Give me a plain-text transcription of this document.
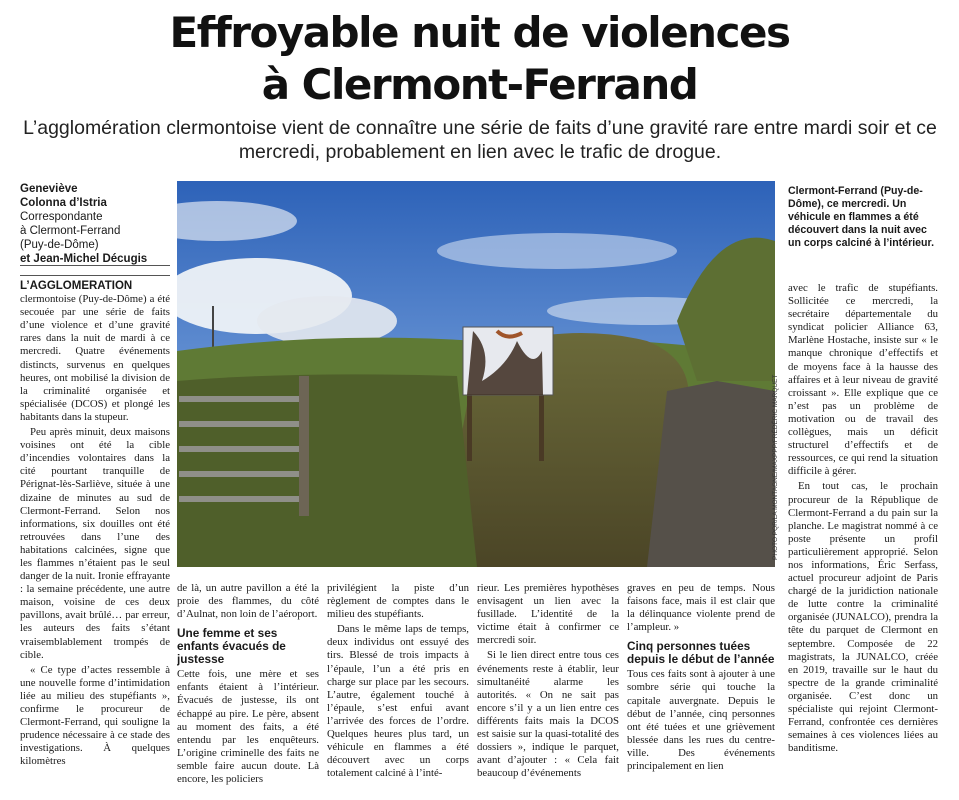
Effroyable nuit de violences
à Clermont-Ferrand

L’agglomération clermontoise vient de connaître une série de faits d’une gravité rare entre mardi soir et ce mercredi, probablement en lien avec le trafic de drogue.

Geneviève
Colonna d’Istria
Correspondante
à Clermont-Ferrand
(Puy-de-Dôme)
et Jean-Michel Décugis
PHOTO PQR/LA MONTAGNE/MAXPPP/FRÉDÉRIC MARQUET
Clermont-Ferrand (Puy-de-Dôme), ce mercredi. Un véhicule en flammes a été découvert dans la nuit avec un corps calciné à l’intérieur.

L’AGGLOMÉRATION clermontoise (Puy-de-Dôme) a été secouée par une série de faits d’une violence et d’une gravité rares dans la nuit de mardi à ce mercredi. Quatre événements distincts, survenus en quelques heures, ont mobilisé la division de la criminalité organisée et spécialisée (DCOS) et plongé les habitants dans la stupeur.

Peu après minuit, deux maisons voisines ont été la cible d’incendies volontaires dans la cité pourtant tranquille de Pérignat-lès-Sarliève, située à une dizaine de minutes au sud de Clermont-Ferrand. Selon nos informations, six douilles ont été retrouvées dans l’une des habitations calcinées, signe que les flammes n’étaient pas le seul danger de la nuit. Ironie effrayante : la semaine précédente, une autre maison, voisine de ces deux pavillons, avait brûlé… par erreur, les auteurs des faits s’étant vraisemblablement trompés de cible.

« Ce type d’actes ressemble à une nouvelle forme d’intimidation liée au milieu des stupéfiants », confirme le procureur de Clermont-Ferrand, qui souligne la prudence nécessaire à ce stade des investigations. À quelques kilomètres

de là, un autre pavillon a été la proie des flammes, du côté d’Aulnat, non loin de l’aéroport.

Une femme et ses enfants évacués de justesse

Cette fois, une mère et ses enfants étaient à l’intérieur. Évacués de justesse, ils ont échappé au pire. Le père, absent au moment des faits, a été entendu par les enquêteurs. L’origine criminelle des faits ne semble faire aucun doute. Là encore, les policiers

privilégient la piste d’un règlement de comptes dans le milieu des stupéfiants.

Dans le même laps de temps, deux individus ont essuyé des tirs. Blessé de trois impacts à l’épaule, l’un a été pris en charge sur place par les secours. L’autre, également touché à l’épaule, s’est enfui avant l’arrivée des forces de l’ordre. Quelques heures plus tard, un véhicule en flammes a été découvert avec un corps totalement calciné à l’inté-

rieur. Les premières hypothèses envisagent un lien avec la fusillade. L’identité de la victime était à confirmer ce mercredi soir.

Si le lien direct entre tous ces événements reste à établir, leur simultanéité alarme les autorités. « On ne sait pas encore s’il y a un lien entre ces différents faits mais la DCOS est saisie sur la quasi-totalité des dossiers », indique le parquet, avant d’ajouter : « Cela fait beaucoup d’événements

graves en peu de temps. Nous faisons face, mais il est clair que la délinquance violente prend de l’ampleur. »

Cinq personnes tuées depuis le début de l’année

Tous ces faits sont à ajouter à une sombre série qui touche la capitale auvergnate. Depuis le début de l’année, cinq personnes ont été tuées et une grièvement blessée dans les rues du centre-ville. Des événements principalement en lien

avec le trafic de stupéfiants. Sollicitée ce mercredi, la secrétaire départementale du syndicat policier Alliance 63, Marlène Hostache, insiste sur « le manque chronique d’effectifs et de moyens face à la hausse des affaires et à leur niveau de gravité croissant ». Elle explique que ce n’est pas un problème de motivation ou de travail des collègues, mais un déficit structurel d’effectifs et de ressources, ce qui rend la situation difficile à gérer.

En tout cas, le prochain procureur de la République de Clermont-Ferrand a du pain sur la planche. Le magistrat nommé à ce poste présente un profil particulièrement approprié. Selon nos informations, Éric Serfass, actuel procureur adjoint de Paris chargé de la juridiction nationale de lutte contre la criminalité organisée (JUNALCO), prendra la tête du parquet de Clermont en septembre. Composée de 22 magistrats, la JUNALCO, créée en 2019, travaille sur le haut du spectre de la grande criminalité organisée. C’est donc un spécialiste qui rejoint Clermont-Ferrand, confrontée ces dernières semaines à ces violences liées au banditisme.
